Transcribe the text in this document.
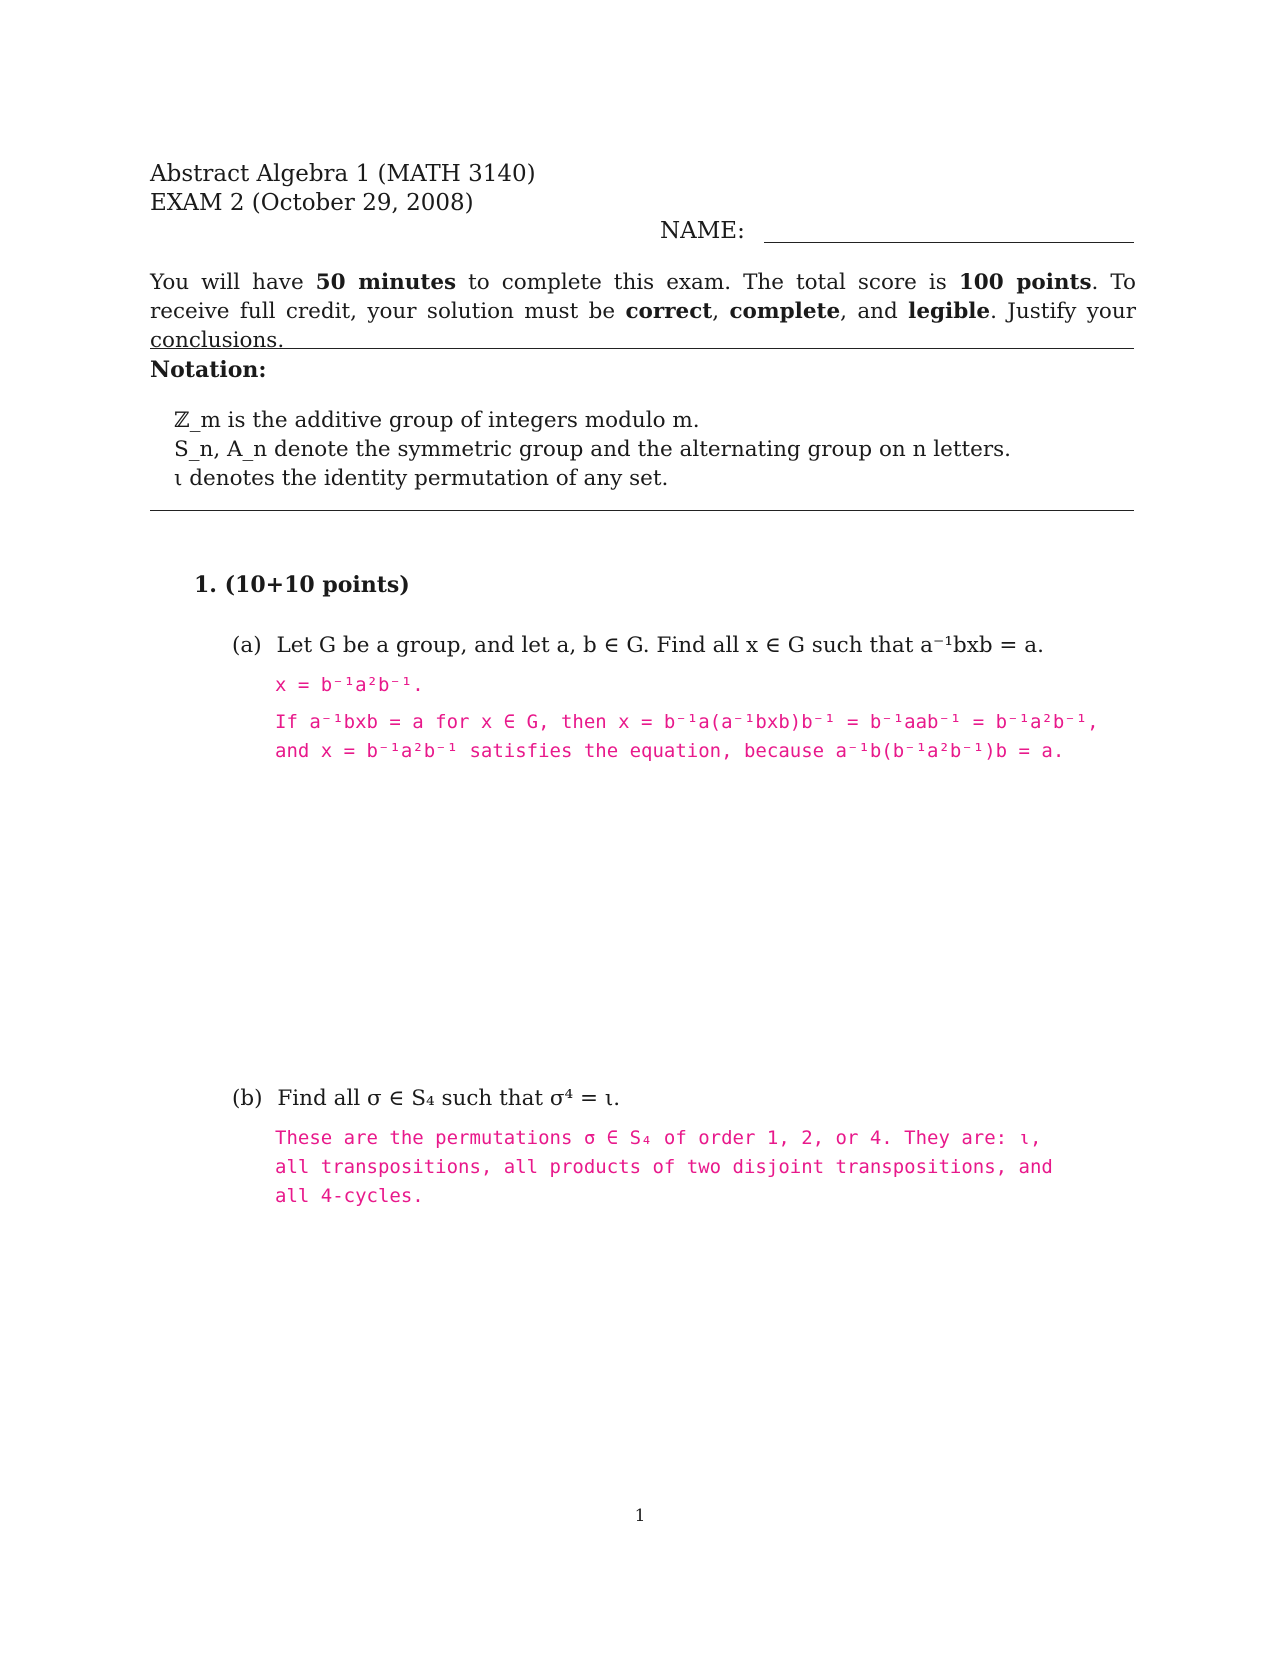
Abstract Algebra 1 (MATH 3140)
EXAM 2 (October 29, 2008)
NAME:
You will have 50 minutes to complete this exam. The total score is 100 points. To receive full credit, your solution must be correct, complete, and legible. Justify your conclusions.
Notation:
ℤ_m is the additive group of integers modulo m.
S_n, A_n denote the symmetric group and the alternating group on n letters.
ι denotes the identity permutation of any set.
1. (10+10 points)
(a) Let G be a group, and let a, b ∈ G. Find all x ∈ G such that a⁻¹bxb = a.
x = b⁻¹a²b⁻¹.
If a⁻¹bxb = a for x ∈ G, then x = b⁻¹a(a⁻¹bxb)b⁻¹ = b⁻¹aab⁻¹ = b⁻¹a²b⁻¹,
and x = b⁻¹a²b⁻¹ satisfies the equation, because a⁻¹b(b⁻¹a²b⁻¹)b = a.
(b) Find all σ ∈ S₄ such that σ⁴ = ι.
These are the permutations σ ∈ S₄ of order 1, 2, or 4. They are: ι,
all transpositions, all products of two disjoint transpositions, and
all 4-cycles.
1
